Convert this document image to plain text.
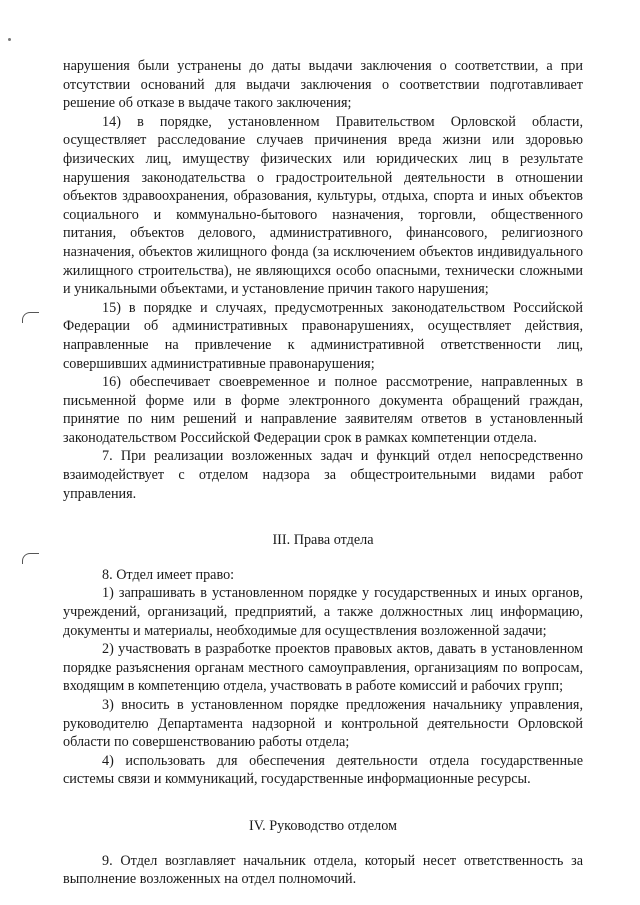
нарушения были устранены до даты выдачи заключения о соответствии, а при отсутствии оснований для выдачи заключения о соответствии подготавливает решение об отказе в выдаче такого заключения;

14) в порядке, установленном Правительством Орловской области, осуществляет расследование случаев причинения вреда жизни или здоровью физических лиц, имуществу физических или юридических лиц в результате нарушения законодательства о градостроительной деятельности в отношении объектов здравоохранения, образования, культуры, отдыха, спорта и иных объектов социального и коммунально-бытового назначения, торговли, общественного питания, объектов делового, административного, финансового, религиозного назначения, объектов жилищного фонда (за исключением объектов индивидуального жилищного строительства), не являющихся особо опасными, технически сложными и уникальными объектами, и установление причин такого нарушения;

15) в порядке и случаях, предусмотренных законодательством Российской Федерации об административных правонарушениях, осуществляет действия, направленные на привлечение к административной ответственности лиц, совершивших административные правонарушения;

16) обеспечивает своевременное и полное рассмотрение, направленных в письменной форме или в форме электронного документа обращений граждан, принятие по ним решений и направление заявителям ответов в установленный законодательством Российской Федерации срок в рамках компетенции отдела.

7. При реализации возложенных задач и функций отдел непосредственно взаимодействует с отделом надзора за общестроительными видами работ управления.

III. Права отдела

8. Отдел имеет право:

1) запрашивать в установленном порядке у государственных и иных органов, учреждений, организаций, предприятий, а также должностных лиц информацию, документы и материалы, необходимые для осуществления возложенной задачи;

2) участвовать в разработке проектов правовых актов, давать в установленном порядке разъяснения органам местного самоуправления, организациям по вопросам, входящим в компетенцию отдела, участвовать в работе комиссий и рабочих групп;

3) вносить в установленном порядке предложения начальнику управления, руководителю Департамента надзорной и контрольной деятельности Орловской области по совершенствованию работы отдела;

4) использовать для обеспечения деятельности отдела государственные системы связи и коммуникаций, государственные информационные ресурсы.

IV. Руководство отделом

9. Отдел возглавляет начальник отдела, который несет ответственность за выполнение возложенных на отдел полномочий.
